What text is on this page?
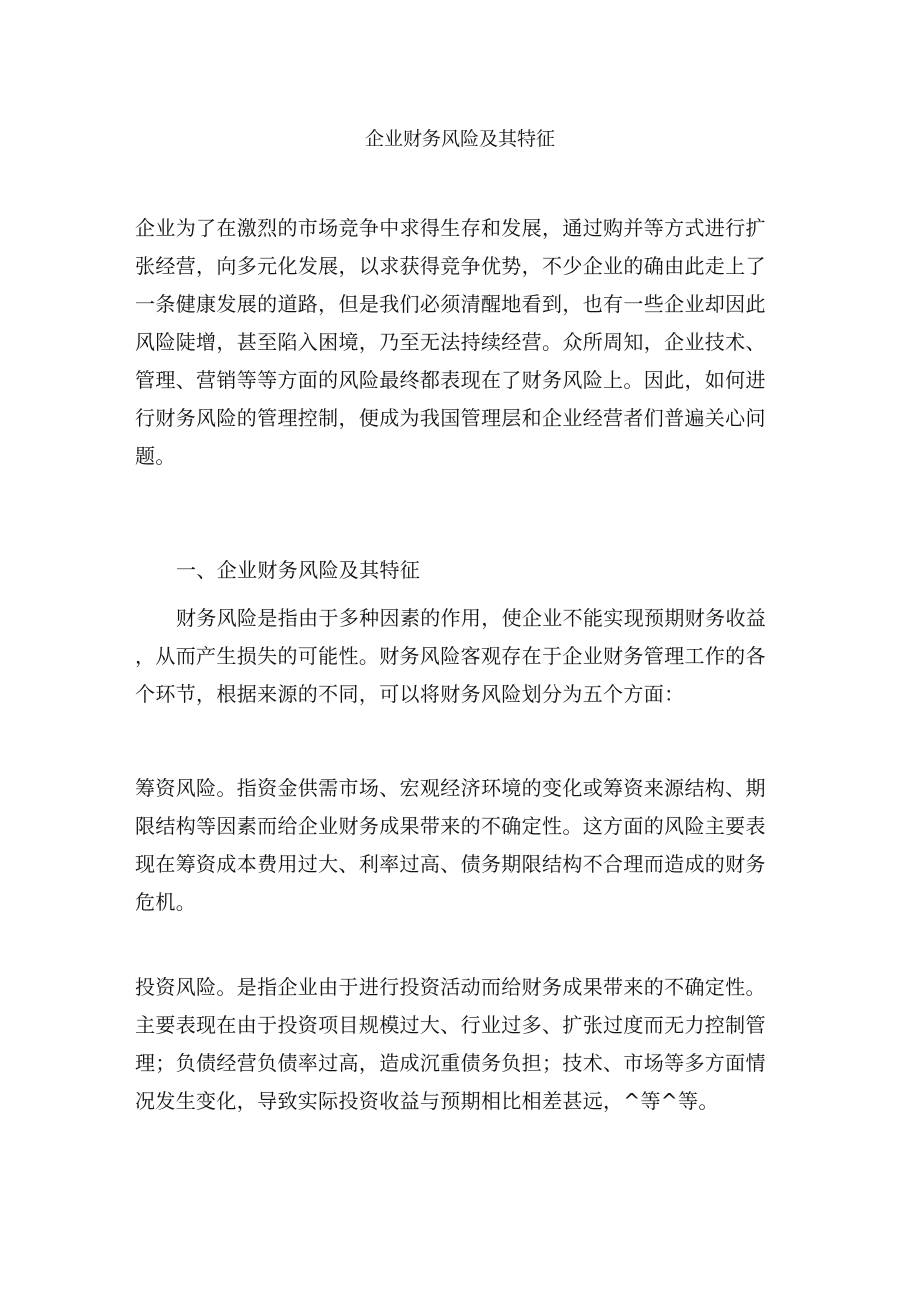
企业财务风险及其特征
企业为了在激烈的市场竞争中求得生存和发展，通过购并等方式进行扩
张经营，向多元化发展，以求获得竞争优势，不少企业的确由此走上了
一条健康发展的道路，但是我们必须清醒地看到，也有一些企业却因此
风险陡增，甚至陷入困境，乃至无法持续经营。众所周知，企业技术、
管理、营销等等方面的风险最终都表现在了财务风险上。因此，如何进
行财务风险的管理控制，便成为我国管理层和企业经营者们普遍关心问
题。
一、企业财务风险及其特征
财务风险是指由于多种因素的作用，使企业不能实现预期财务收益
，从而产生损失的可能性。财务风险客观存在于企业财务管理工作的各
个环节，根据来源的不同，可以将财务风险划分为五个方面：
筹资风险。指资金供需市场、宏观经济环境的变化或筹资来源结构、期
限结构等因素而给企业财务成果带来的不确定性。这方面的风险主要表
现在筹资成本费用过大、利率过高、债务期限结构不合理而造成的财务
危机。
投资风险。是指企业由于进行投资活动而给财务成果带来的不确定性。
主要表现在由于投资项目规模过大、行业过多、扩张过度而无力控制管
理；负债经营负债率过高，造成沉重债务负担；技术、市场等多方面情
况发生变化，导致实际投资收益与预期相比相差甚远，^等^等。
